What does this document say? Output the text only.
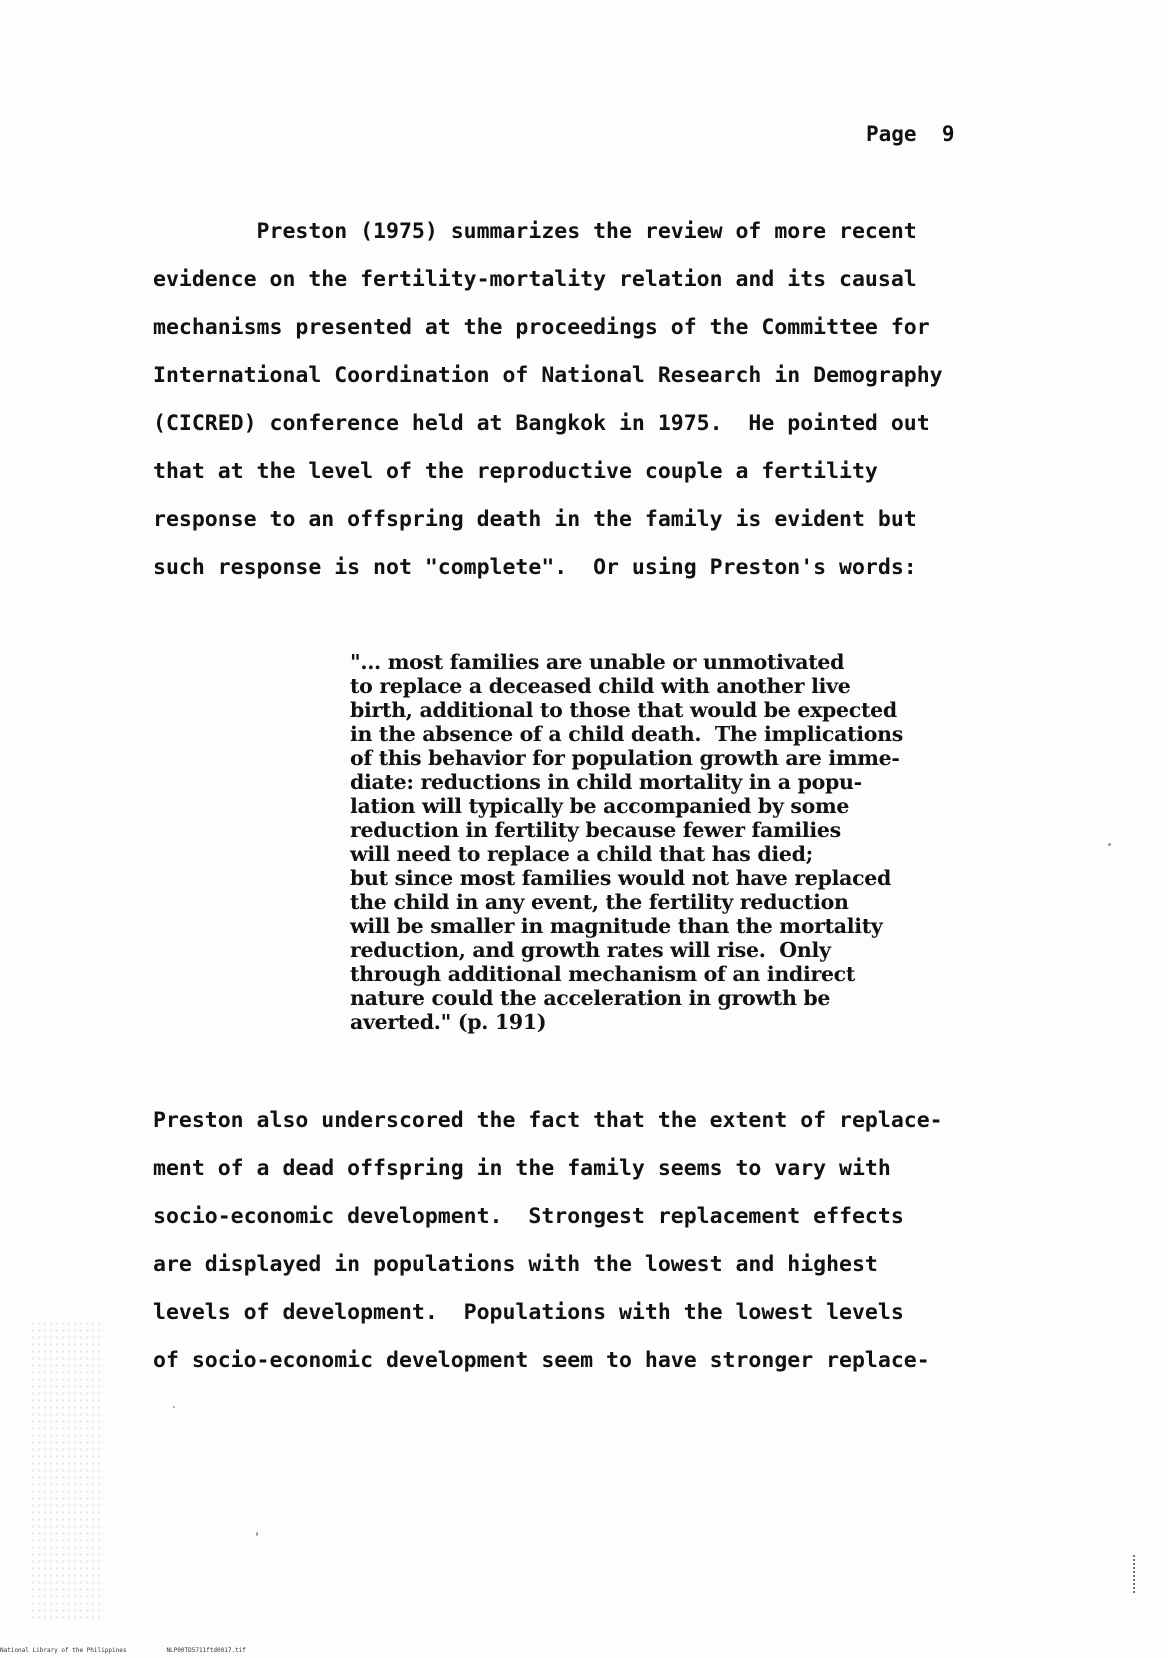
Page  9
Preston (1975) summarizes the review of more recent
evidence on the fertility-mortality relation and its causal
mechanisms presented at the proceedings of the Committee for
International Coordination of National Research in Demography
(CICRED) conference held at Bangkok in 1975.  He pointed out
that at the level of the reproductive couple a fertility
response to an offspring death in the family is evident but
such response is not "complete".  Or using Preston's words:
"... most families are unable or unmotivated
to replace a deceased child with another live
birth, additional to those that would be expected
in the absence of a child death.  The implications
of this behavior for population growth are imme-
diate: reductions in child mortality in a popu-
lation will typically be accompanied by some
reduction in fertility because fewer families
will need to replace a child that has died;
but since most families would not have replaced
the child in any event, the fertility reduction
will be smaller in magnitude than the mortality
reduction, and growth rates will rise.  Only
through additional mechanism of an indirect
nature could the acceleration in growth be
averted." (p. 191)
Preston also underscored the fact that the extent of replace-
ment of a dead offspring in the family seems to vary with
socio-economic development.  Strongest replacement effects
are displayed in populations with the lowest and highest
levels of development.  Populations with the lowest levels
of socio-economic development seem to have stronger replace-
National Library of the Philippines	NLP00TD5711ftd0017.tif
